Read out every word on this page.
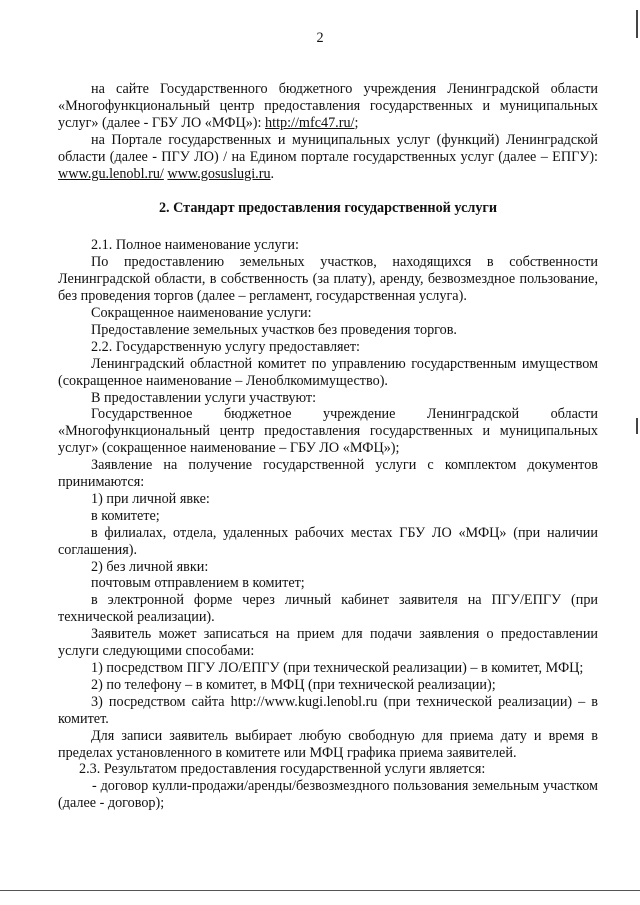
2

на сайте Государственного бюджетного учреждения Ленинградской области «Многофункциональный центр предоставления государственных и муниципальных услуг» (далее - ГБУ ЛО «МФЦ»): http://mfc47.ru/;

на Портале государственных и муниципальных услуг (функций) Ленинградской области (далее - ПГУ ЛО) / на Едином портале государственных услуг (далее – ЕПГУ): www.gu.lenobl.ru/ www.gosuslugi.ru.

2. Стандарт предоставления государственной услуги

2.1. Полное наименование услуги:

По предоставлению земельных участков, находящихся в собственности Ленинградской области, в собственность (за плату), аренду, безвозмездное пользование, без проведения торгов (далее – регламент, государственная услуга).

Сокращенное наименование услуги:

Предоставление земельных участков без проведения торгов.

2.2. Государственную услугу предоставляет:

Ленинградский областной комитет по управлению государственным имуществом (сокращенное наименование – Леноблкомимущество).

В предоставлении услуги участвуют:

Государственное бюджетное учреждение Ленинградской области «Многофункциональный центр предоставления государственных и муниципальных услуг» (сокращенное наименование – ГБУ ЛО «МФЦ»);

Заявление на получение государственной услуги с комплектом документов принимаются:

1) при личной явке:

в комитете;

в филиалах, отдела, удаленных рабочих местах ГБУ ЛО «МФЦ» (при наличии соглашения).

2) без личной явки:

почтовым отправлением в комитет;

в электронной форме через личный кабинет заявителя на ПГУ/ЕПГУ (при технической реализации).

Заявитель может записаться на прием для подачи заявления о предоставлении услуги следующими способами:

1) посредством ПГУ ЛО/ЕПГУ (при технической реализации) – в комитет, МФЦ;

2) по телефону – в комитет, в МФЦ (при технической реализации);

3) посредством сайта http://www.kugi.lenobl.ru (при технической реализации) – в комитет.

Для записи заявитель выбирает любую свободную для приема дату и время в пределах установленного в комитете или МФЦ графика приема заявителей.

2.3. Результатом предоставления государственной услуги является:

- договор кулли-продажи/аренды/безвозмездного пользования земельным участком (далее - договор);
